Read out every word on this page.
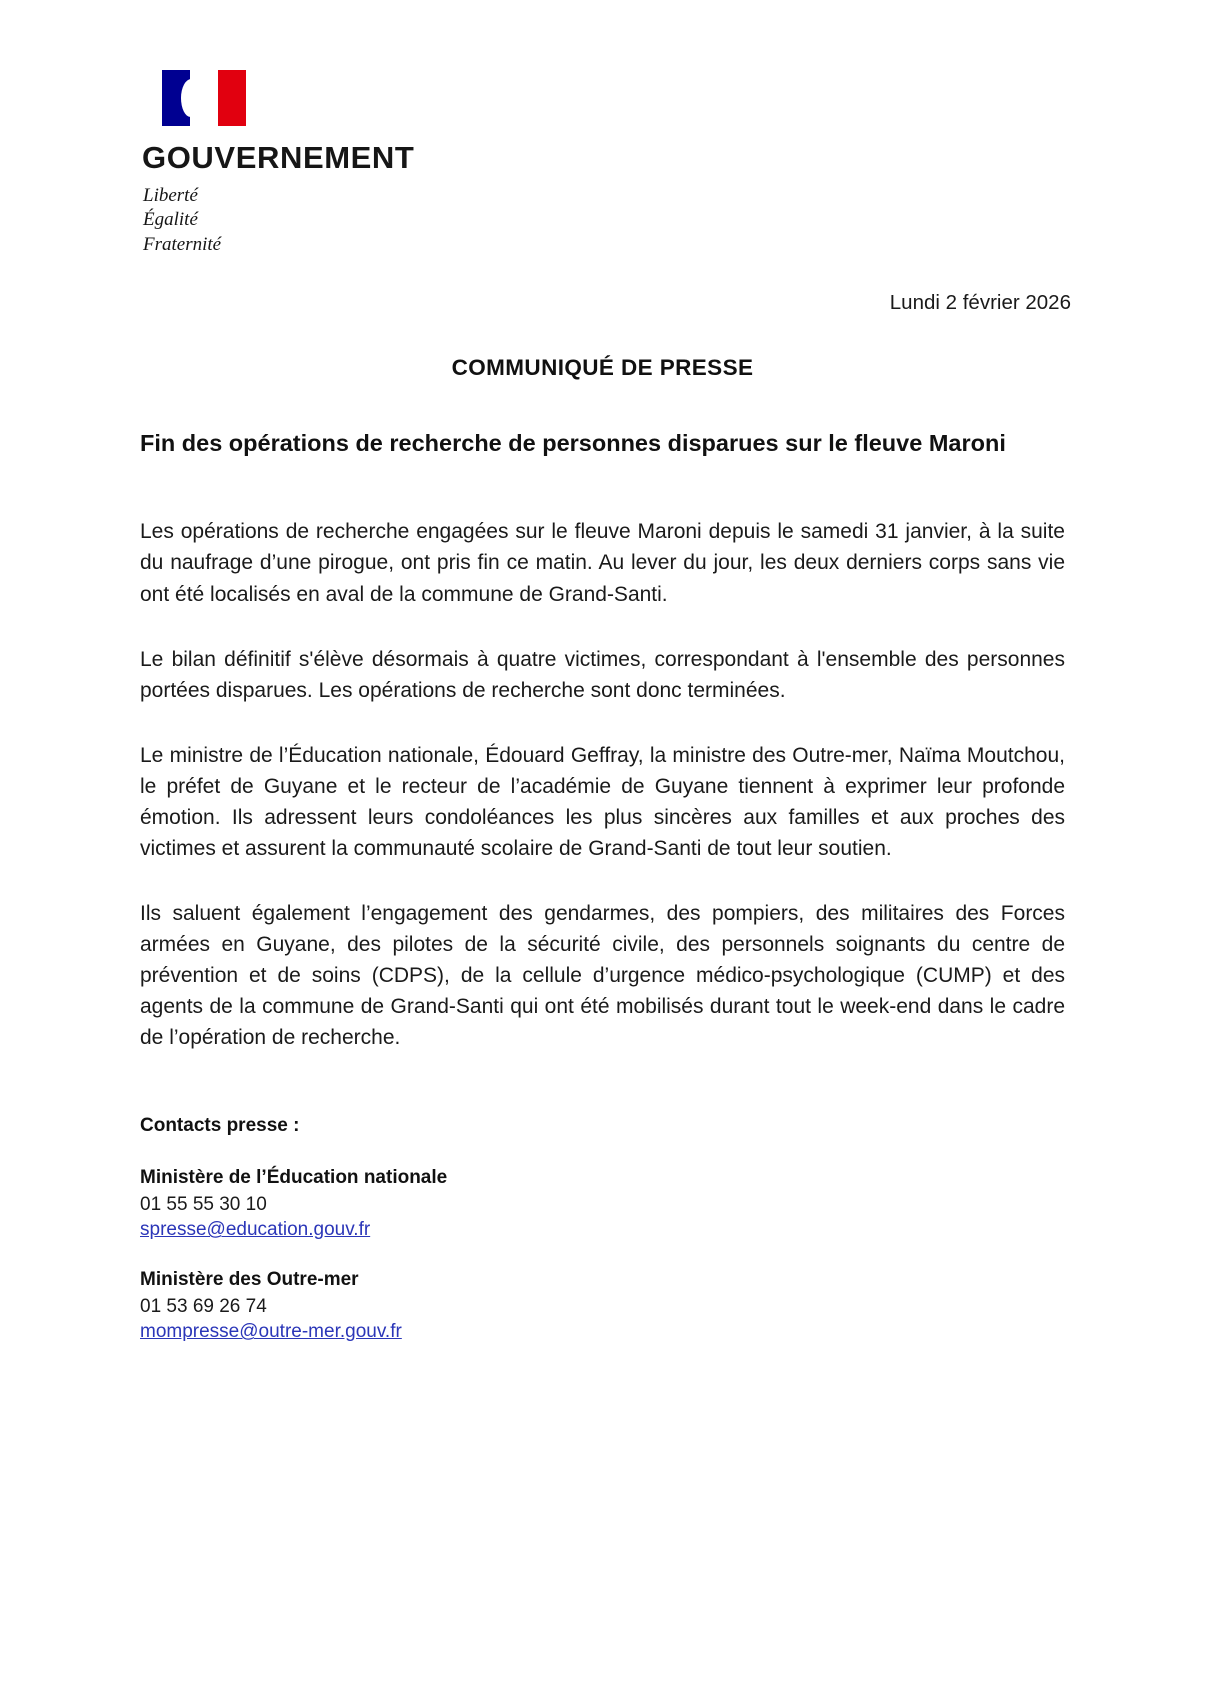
GOUVERNEMENT
Liberté
Égalité
Fraternité
Lundi 2 février 2026
COMMUNIQUÉ DE PRESSE
Fin des opérations de recherche de personnes disparues sur le fleuve Maroni

Les opérations de recherche engagées sur le fleuve Maroni depuis le samedi 31 janvier, à la suite du naufrage d’une pirogue, ont pris fin ce matin. Au lever du jour, les deux derniers corps sans vie ont été localisés en aval de la commune de Grand-Santi.

Le bilan définitif s'élève désormais à quatre victimes, correspondant à l'ensemble des personnes portées disparues. Les opérations de recherche sont donc terminées.

Le ministre de l’Éducation nationale, Édouard Geffray, la ministre des Outre-mer, Naïma Moutchou, le préfet de Guyane et le recteur de l’académie de Guyane tiennent à exprimer leur profonde émotion. Ils adressent leurs condoléances les plus sincères aux familles et aux proches des victimes et assurent la communauté scolaire de Grand-Santi de tout leur soutien.

Ils saluent également l’engagement des gendarmes, des pompiers, des militaires des Forces armées en Guyane, des pilotes de la sécurité civile, des personnels soignants du centre de prévention et de soins (CDPS), de la cellule d’urgence médico-psychologique (CUMP) et des agents de la commune de Grand-Santi qui ont été mobilisés durant tout le week-end dans le cadre de l’opération de recherche.

Contacts presse :
Ministère de l’Éducation nationale
01 55 55 30 10
spresse@education.gouv.fr
Ministère des Outre-mer
01 53 69 26 74
mompresse@outre-mer.gouv.fr
